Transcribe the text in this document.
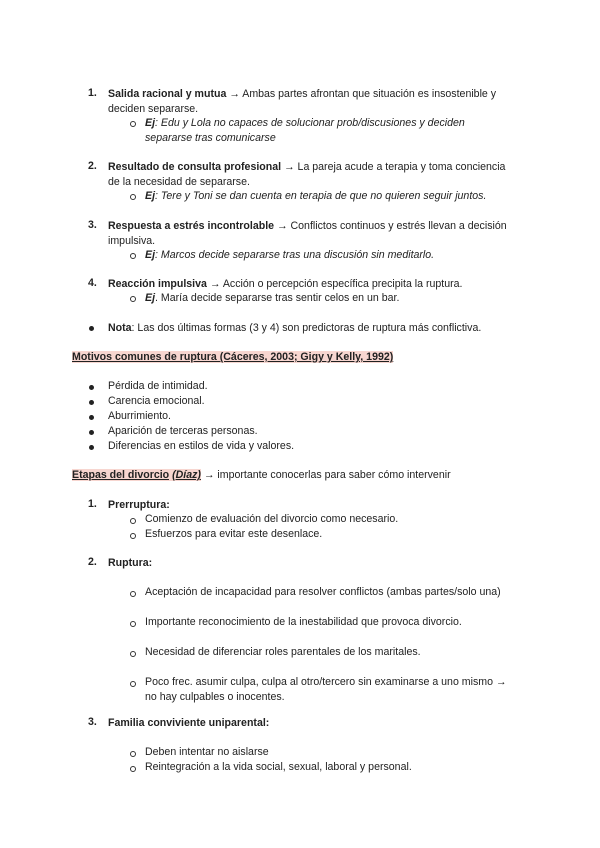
1. Salida racional y mutua → Ambas partes afrontan que situación es insostenible y
deciden separarse.
Ej: Edu y Lola no capaces de solucionar prob/discusiones y deciden
separarse tras comunicarse
2. Resultado de consulta profesional → La pareja acude a terapia y toma conciencia
de la necesidad de separarse.
Ej: Tere y Toni se dan cuenta en terapia de que no quieren seguir juntos.
3. Respuesta a estrés incontrolable → Conflictos continuos y estrés llevan a decisión
impulsiva.
Ej: Marcos decide separarse tras una discusión sin meditarlo.
4. Reacción impulsiva → Acción o percepción específica precipita la ruptura.
Ej. María decide separarse tras sentir celos en un bar.
Nota: Las dos últimas formas (3 y 4) son predictoras de ruptura más conflictiva.
Motivos comunes de ruptura (Cáceres, 2003; Gigy y Kelly, 1992)
Pérdida de intimidad.
Carencia emocional.
Aburrimiento.
Aparición de terceras personas.
Diferencias en estilos de vida y valores.
Etapas del divorcio (Díaz) → importante conocerlas para saber cómo intervenir
1. Prerruptura:
Comienzo de evaluación del divorcio como necesario.
Esfuerzos para evitar este desenlace.
2. Ruptura:
Aceptación de incapacidad para resolver conflictos (ambas partes/solo una)
Importante reconocimiento de la inestabilidad que provoca divorcio.
Necesidad de diferenciar roles parentales de los maritales.
Poco frec. asumir culpa, culpa al otro/tercero sin examinarse a uno mismo →
no hay culpables o inocentes.
3. Familia conviviente uniparental:
Deben intentar no aislarse
Reintegración a la vida social, sexual, laboral y personal.
